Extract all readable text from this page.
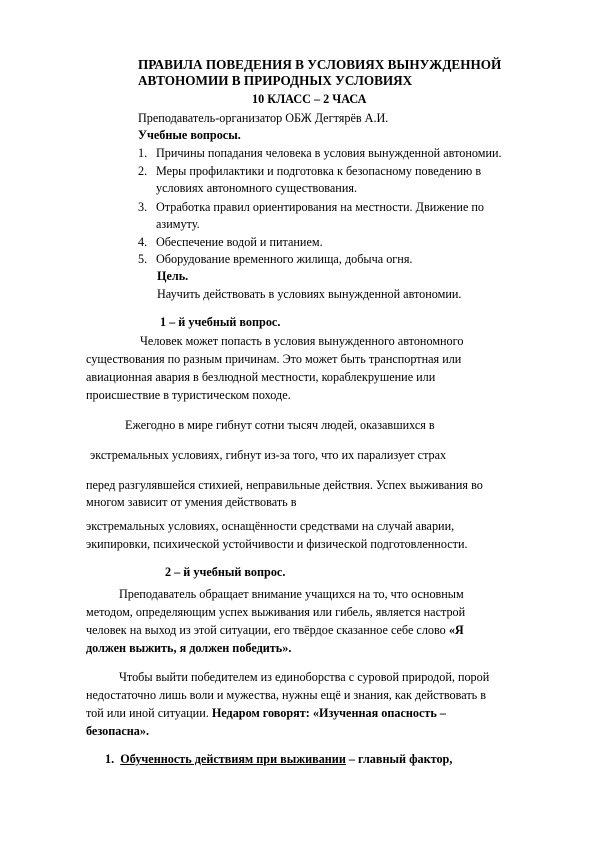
ПРАВИЛА ПОВЕДЕНИЯ В УСЛОВИЯХ ВЫНУЖДЕННОЙ
АВТОНОМИИ В ПРИРОДНЫХ УСЛОВИЯХ
10 КЛАСС – 2 ЧАСА
Преподаватель-организатор ОБЖ Дегтярёв А.И.
Учебные вопросы.
1. Причины попадания человека в условия вынужденной автономии.
2. Меры профилактики и подготовка к безопасному поведению в
условиях автономного существования.
3. Отработка правил ориентирования на местности. Движение по
азимуту.
4. Обеспечение водой и питанием.
5. Оборудование временного жилища, добыча огня.
Цель.
Научить действовать в условиях вынужденной автономии.
1 – й учебный вопрос.
Человек может попасть в условия вынужденного автономного
существования по разным причинам. Это может быть транспортная или
авиационная авария в безлюдной местности, кораблекрушение или
происшествие в туристическом походе.
Ежегодно в мире гибнут сотни тысяч людей, оказавшихся в
экстремальных условиях, гибнут из-за того, что их парализует страх
перед разгулявшейся стихией, неправильные действия. Успех выживания во
многом зависит от умения действовать в
экстремальных условиях, оснащённости средствами на случай аварии,
экипировки, психической устойчивости и физической подготовленности.
2 – й учебный вопрос.
Преподаватель обращает внимание учащихся на то, что основным
методом, определяющим успех выживания или гибель, является настрой
человек на выход из этой ситуации, его твёрдое сказанное себе слово «Я
должен выжить, я должен победить».
Чтобы выйти победителем из единоборства с суровой природой, порой
недостаточно лишь воли и мужества, нужны ещё и знания, как действовать в
той или иной ситуации. Недаром говорят: «Изученная опасность –
безопасна».
1. Обученность действиям при выживании – главный фактор,
